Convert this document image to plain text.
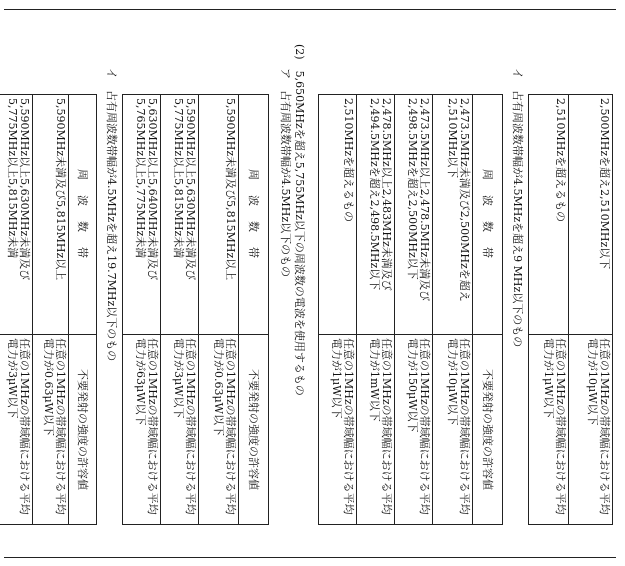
2,500MHzを超え2,510MHz以下	任意の1MHzの帯域幅における平均電力が10μW以下
2,510MHzを超えるもの	任意の1MHzの帯域幅における平均電力が1μW以下
イ　占有周波数帯幅が4.5MHzを超え9 MHz以下のもの
周　波　数　帯	不要発射の強度の許容値
2,473.5MHz未満及び2,500MHzを超え2,510MHz以下	任意の1MHzの帯域幅における平均電力が10μW以下
2,473.5MHz以上2,478.5MHz未満及び2,498.5MHzを超え2,500MHz以下	任意の1MHzの帯域幅における平均電力が150μW以下
2,478.5MHz以上2,483MHz未満及び2,494.5MHzを超え2,498.5MHz以下	任意の1MHzの帯域幅における平均電力が1mW以下
2,510MHzを超えるもの	任意の1MHzの帯域幅における平均電力が1μW以下
(2)　5,650MHzを超え5,755MHz以下の周波数の電波を使用するもの
ア　占有周波数帯幅が4.5MHz以下のもの
周　波　数　帯	不要発射の強度の許容値
5,590MHz未満及び5,815MHz以上	任意の1MHzの帯域幅における平均電力が0.63μW以下
5,590MHz以上5,630MHz未満及び5,775MHz以上5,815MHz未満	任意の1MHzの帯域幅における平均電力が3μW以下
5,630MHz以上5,640MHz未満及び5,765MHz以上5,775MHz未満	任意の1MHzの帯域幅における平均電力が63μW以下
イ　占有周波数帯幅が4.5MHzを超え19.7MHz以下のもの
周　波　数　帯	不要発射の強度の許容値
5,590MHz未満及び5,815MHz以上	任意の1MHzの帯域幅における平均電力が0.63μW以下
5,590MHz以上5,630MHz未満及び5,775MHz以上5,815MHz未満	任意の1MHzの帯域幅における平均電力が3μW以下
